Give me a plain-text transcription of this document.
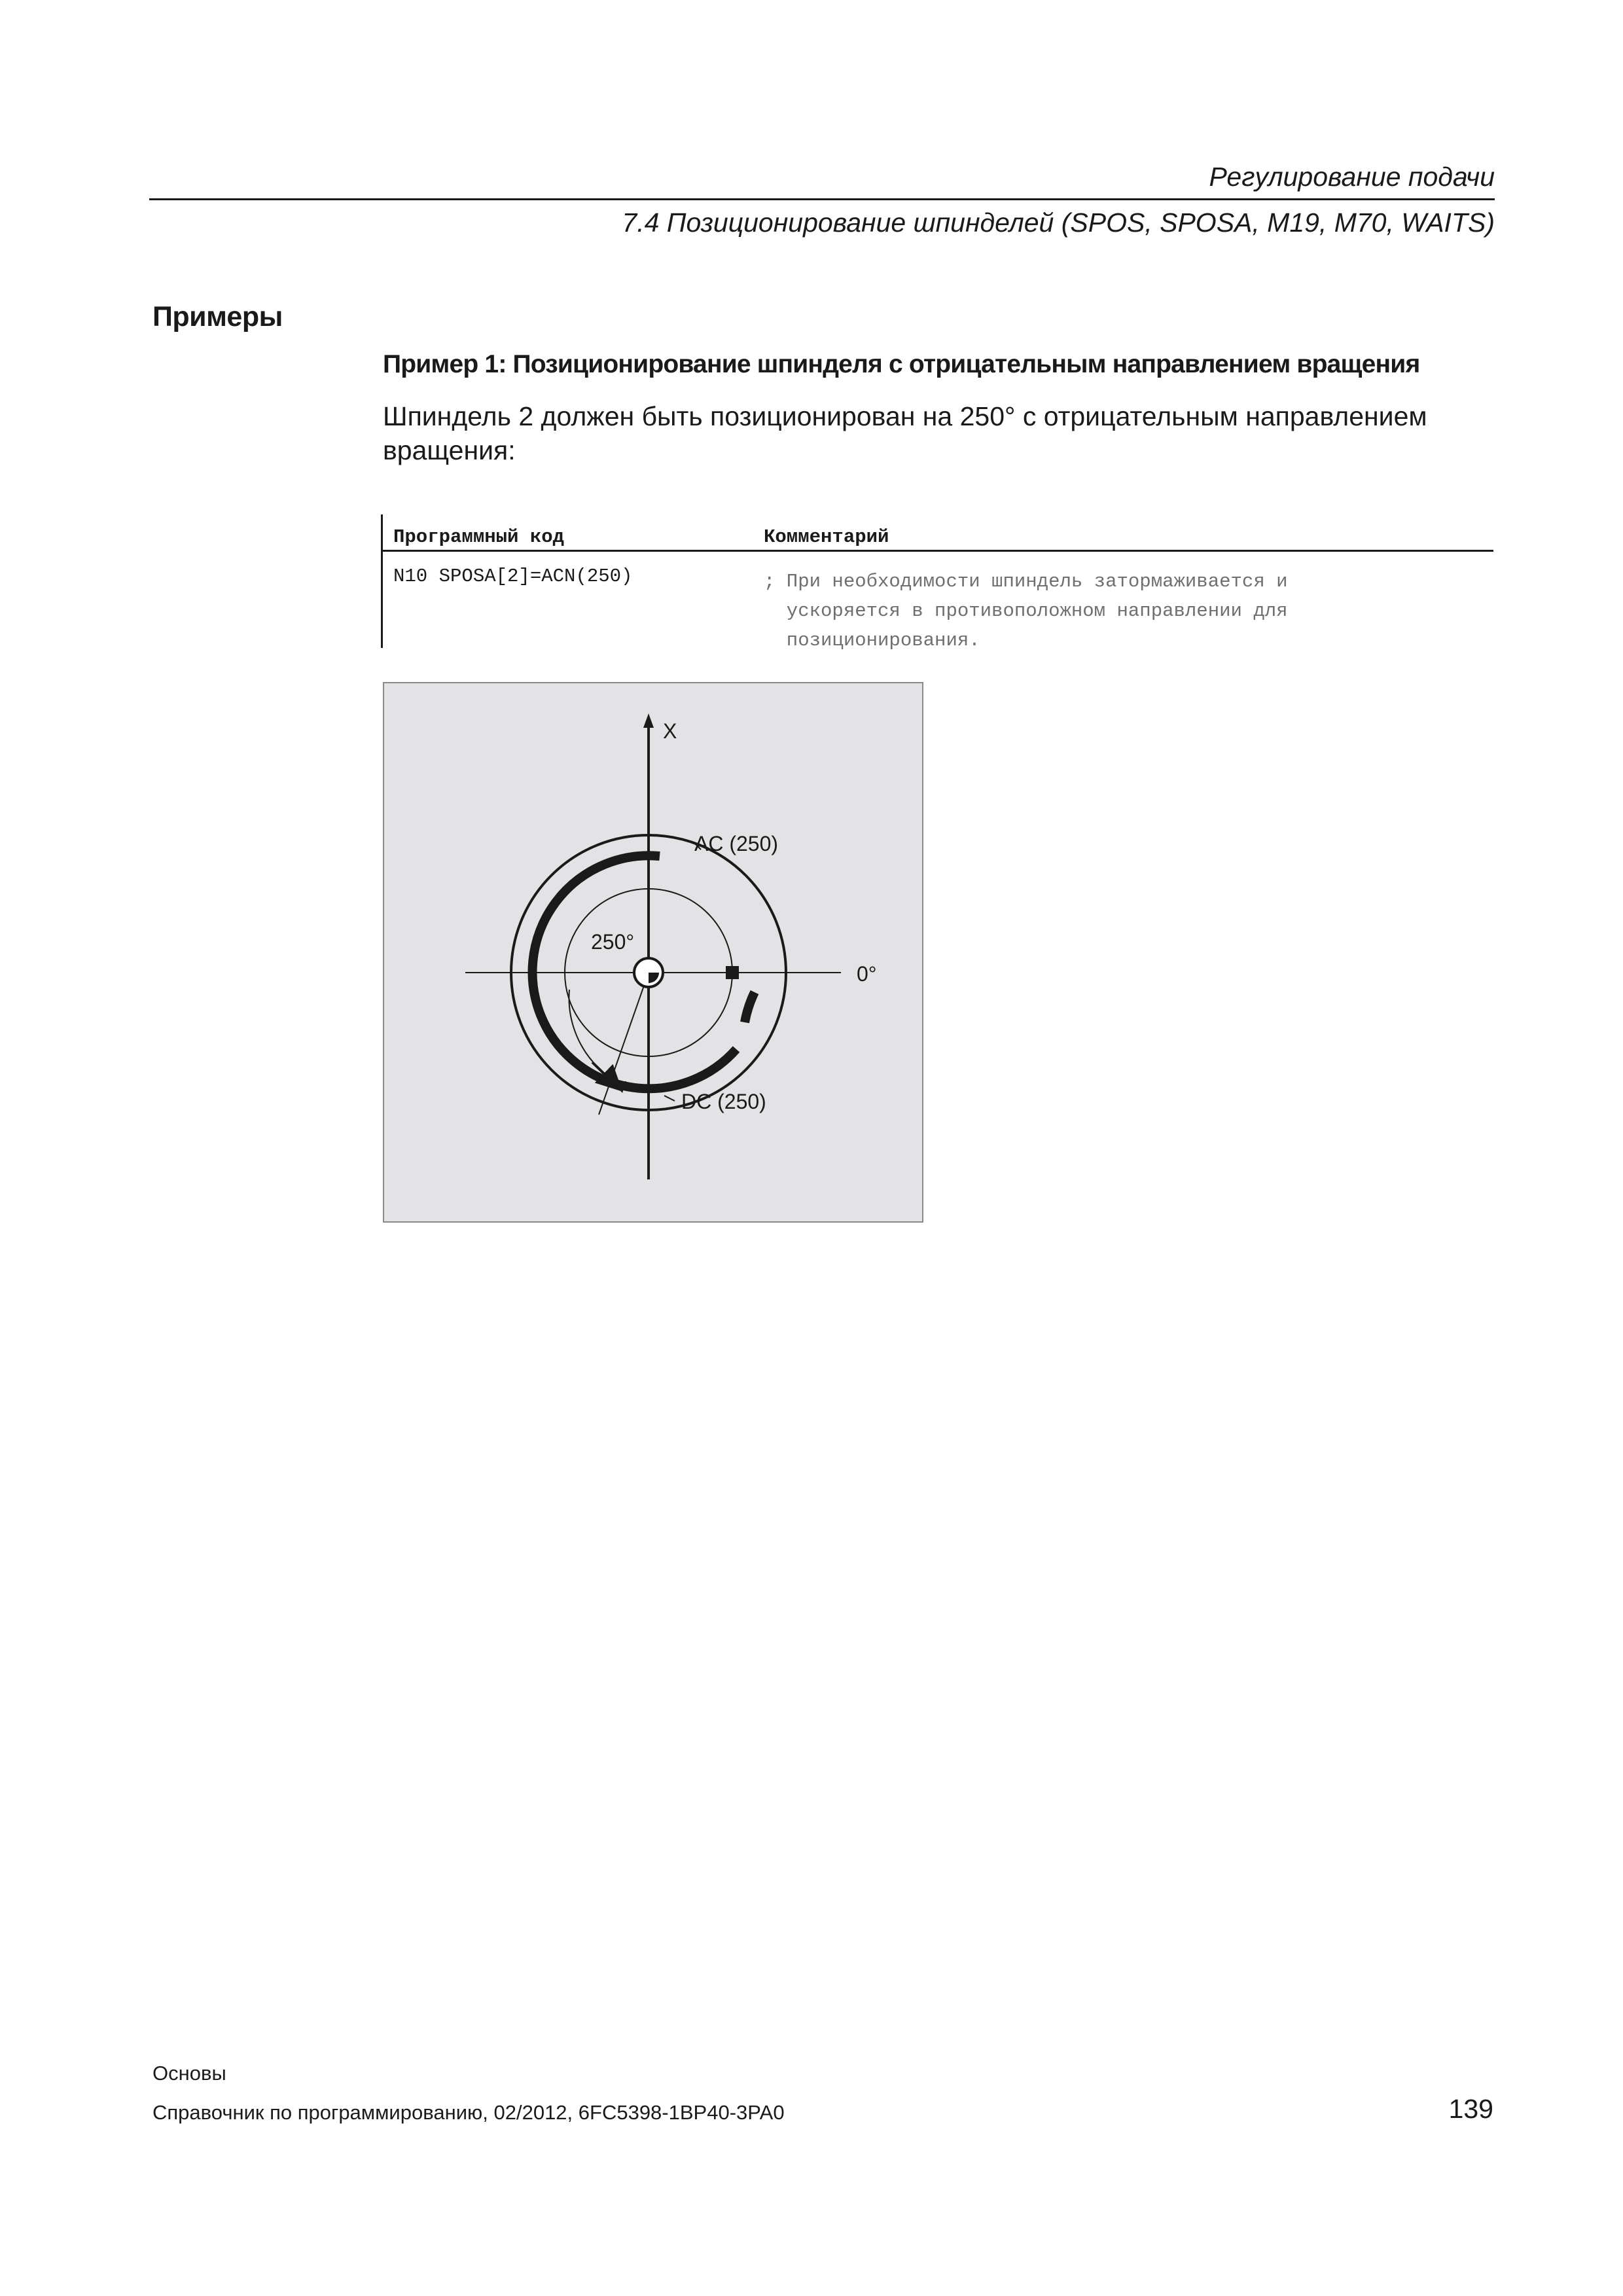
Регулирование подачи
7.4 Позиционирование шпинделей (SPOS, SPOSA, M19, M70, WAITS)
Примеры
Пример 1: Позиционирование шпинделя с отрицательным направлением вращения
Шпиндель 2 должен быть позиционирован на 250° с отрицательным направлением вращения:
Программный код	Комментарий
N10 SPOSA[2]=ACN(250)	; При необходимости шпиндель затормаживается и
ускоряется в противоположном направлении для
позиционирования.
X
AC (250)
250°
0°
DC (250)
Основы
Справочник по программированию, 02/2012, 6FC5398-1BP40-3PA0	139
